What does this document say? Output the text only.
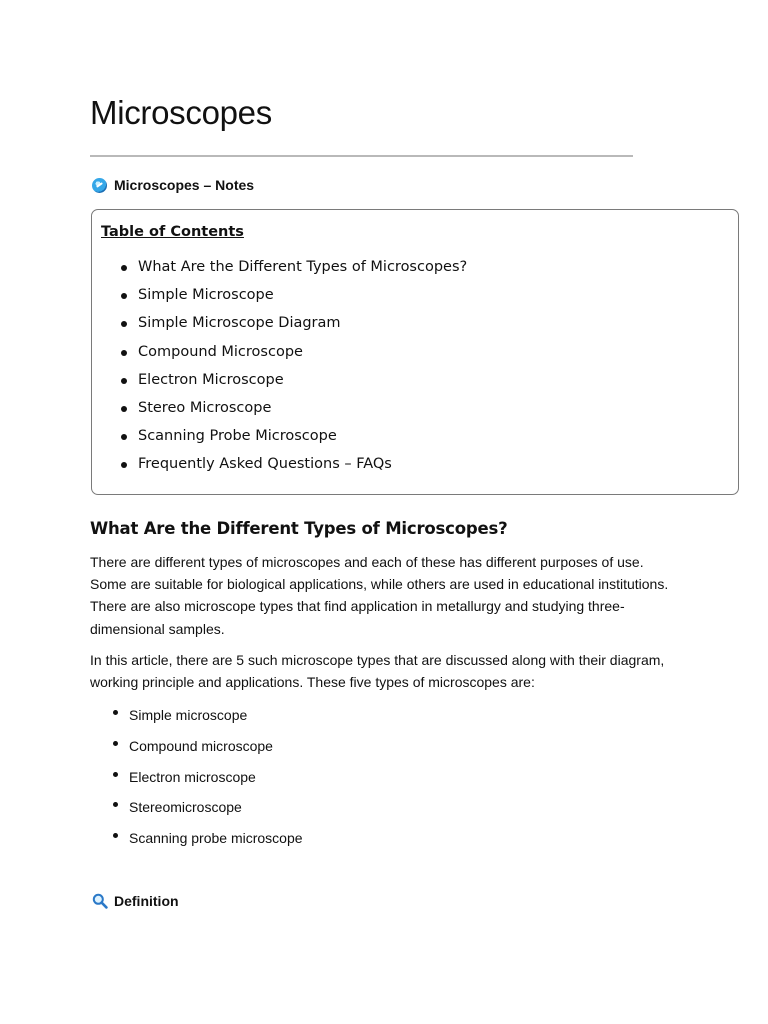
Microscopes
Microscopes – Notes
Table of Contents
What Are the Different Types of Microscopes?
Simple Microscope
Simple Microscope Diagram
Compound Microscope
Electron Microscope
Stereo Microscope
Scanning Probe Microscope
Frequently Asked Questions – FAQs
What Are the Different Types of Microscopes?

There are different types of microscopes and each of these has different purposes of use. Some are suitable for biological applications, while others are used in educational institutions. There are also microscope types that find application in metallurgy and studying three-dimensional samples.

In this article, there are 5 such microscope types that are discussed along with their diagram, working principle and applications. These five types of microscopes are:

Simple microscope
Compound microscope
Electron microscope
Stereomicroscope
Scanning probe microscope
Definition
